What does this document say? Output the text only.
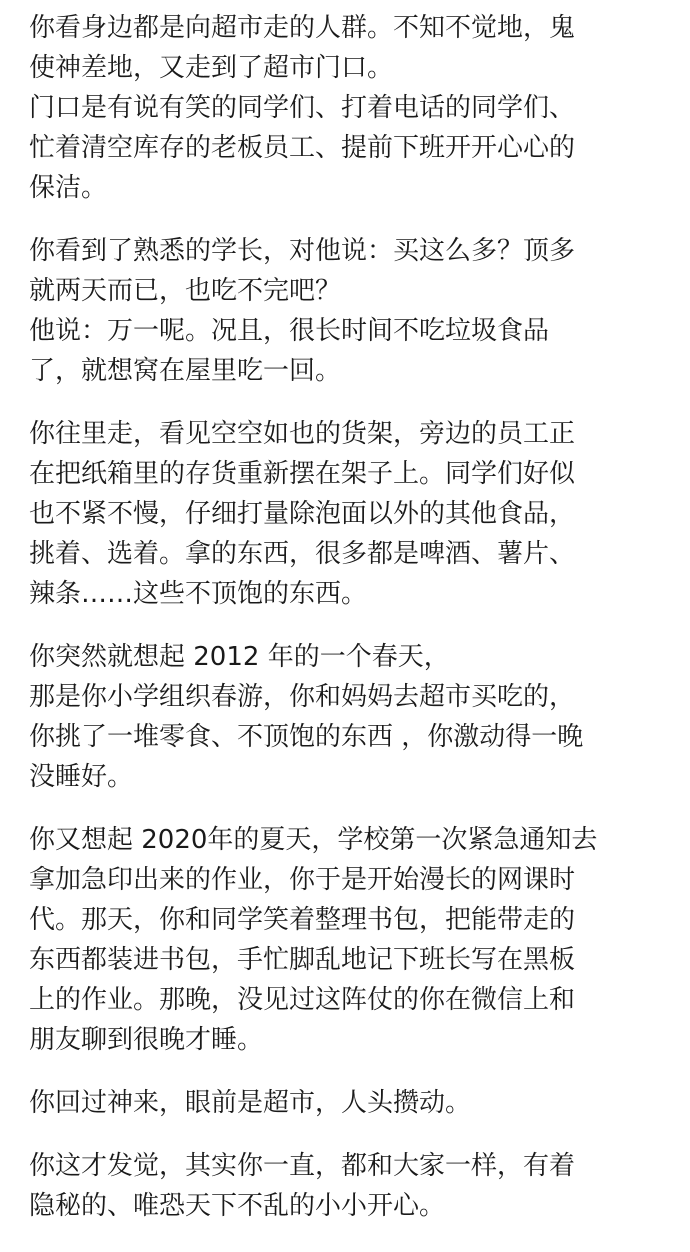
你看身边都是向超市走的人群。不知不觉地，鬼
使神差地，又走到了超市门口。
门口是有说有笑的同学们、打着电话的同学们、
忙着清空库存的老板员工、提前下班开开心心的
保洁。
你看到了熟悉的学长，对他说：买这么多？顶多
就两天而已，也吃不完吧？
他说：万一呢。况且，很长时间不吃垃圾食品
了，就想窝在屋里吃一回。
你往里走，看见空空如也的货架，旁边的员工正
在把纸箱里的存货重新摆在架子上。同学们好似
也不紧不慢，仔细打量除泡面以外的其他食品，
挑着、选着。拿的东西，很多都是啤酒、薯片、
辣条……这些不顶饱的东西。
你突然就想起 2012 年的一个春天，
那是你小学组织春游，你和妈妈去超市买吃的，
你挑了一堆零食、不顶饱的东西 ，你激动得一晚
没睡好。
你又想起 2020年的夏天，学校第一次紧急通知去
拿加急印出来的作业，你于是开始漫长的网课时
代。那天，你和同学笑着整理书包，把能带走的
东西都装进书包，手忙脚乱地记下班长写在黑板
上的作业。那晚，没见过这阵仗的你在微信上和
朋友聊到很晚才睡。
你回过神来，眼前是超市，人头攒动。
你这才发觉，其实你一直，都和大家一样，有着
隐秘的、唯恐天下不乱的小小开心。
